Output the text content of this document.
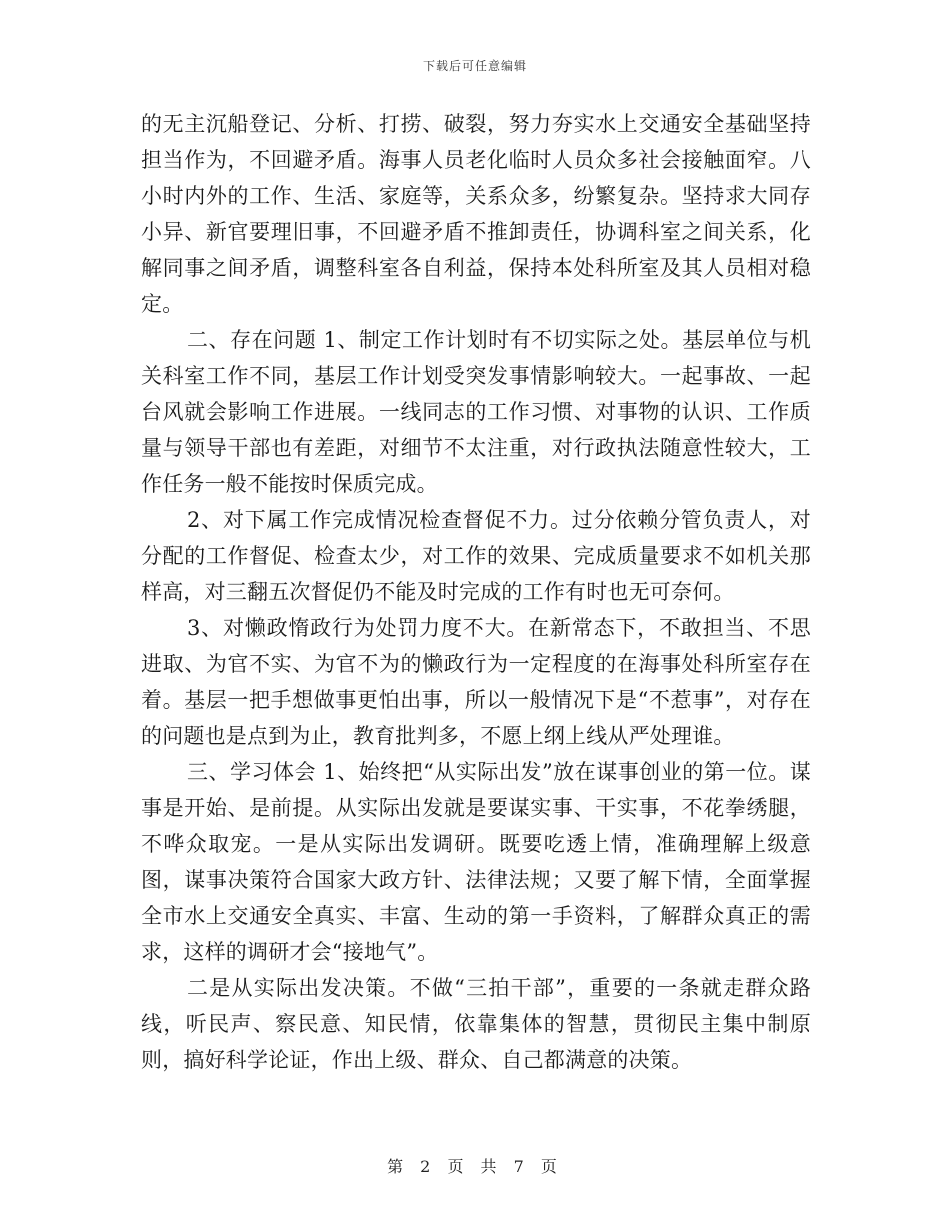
下载后可任意编辑

的无主沉船登记、分析、打捞、破裂，努力夯实水上交通安全基础坚持担当作为，不回避矛盾。海事人员老化临时人员众多社会接触面窄。八小时内外的工作、生活、家庭等，关系众多，纷繁复杂。坚持求大同存小异、新官要理旧事，不回避矛盾不推卸责任，协调科室之间关系，化解同事之间矛盾，调整科室各自利益，保持本处科所室及其人员相对稳定。

二、存在问题 1、制定工作计划时有不切实际之处。基层单位与机关科室工作不同，基层工作计划受突发事情影响较大。一起事故、一起台风就会影响工作进展。一线同志的工作习惯、对事物的认识、工作质量与领导干部也有差距，对细节不太注重，对行政执法随意性较大，工作任务一般不能按时保质完成。

2、对下属工作完成情况检查督促不力。过分依赖分管负责人，对分配的工作督促、检查太少，对工作的效果、完成质量要求不如机关那样高，对三翻五次督促仍不能及时完成的工作有时也无可奈何。

3、对懒政惰政行为处罚力度不大。在新常态下，不敢担当、不思进取、为官不实、为官不为的懒政行为一定程度的在海事处科所室存在着。基层一把手想做事更怕出事，所以一般情况下是“不惹事”，对存在的问题也是点到为止，教育批判多，不愿上纲上线从严处理谁。

三、学习体会 1、始终把“从实际出发”放在谋事创业的第一位。谋事是开始、是前提。从实际出发就是要谋实事、干实事，不花拳绣腿，不哗众取宠。一是从实际出发调研。既要吃透上情，准确理解上级意图，谋事决策符合国家大政方针、法律法规；又要了解下情，全面掌握全市水上交通安全真实、丰富、生动的第一手资料，了解群众真正的需求，这样的调研才会“接地气”。

二是从实际出发决策。不做“三拍干部”，重要的一条就走群众路线，听民声、察民意、知民情，依靠集体的智慧，贯彻民主集中制原则，搞好科学论证，作出上级、群众、自己都满意的决策。

第 2 页 共 7 页
